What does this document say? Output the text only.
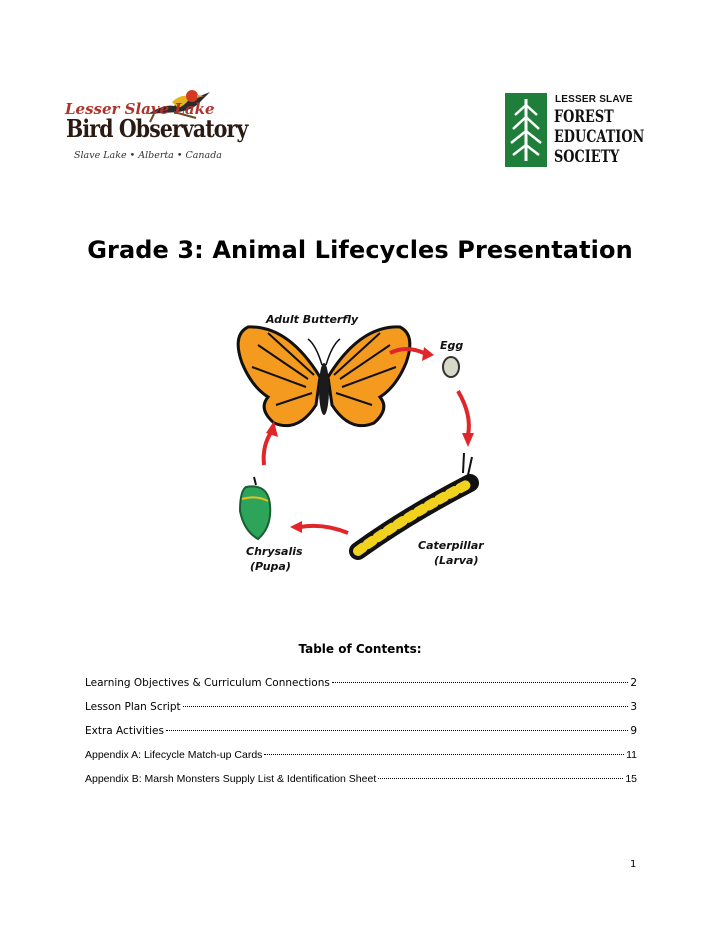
Lesser Slave Lake
Bird Observatory
Slave Lake • Alberta • Canada
LESSER SLAVE
FOREST
EDUCATION
SOCIETY
Grade 3: Animal Lifecycles Presentation
Adult Butterfly
Egg
Caterpillar
(Larva)
Chrysalis
(Pupa)
Table of Contents:
Learning Objectives & Curriculum Connections	2
Lesson Plan Script	3
Extra Activities	9
Appendix A: Lifecycle Match-up Cards	11
Appendix B: Marsh Monsters Supply List & Identification Sheet	15
1
